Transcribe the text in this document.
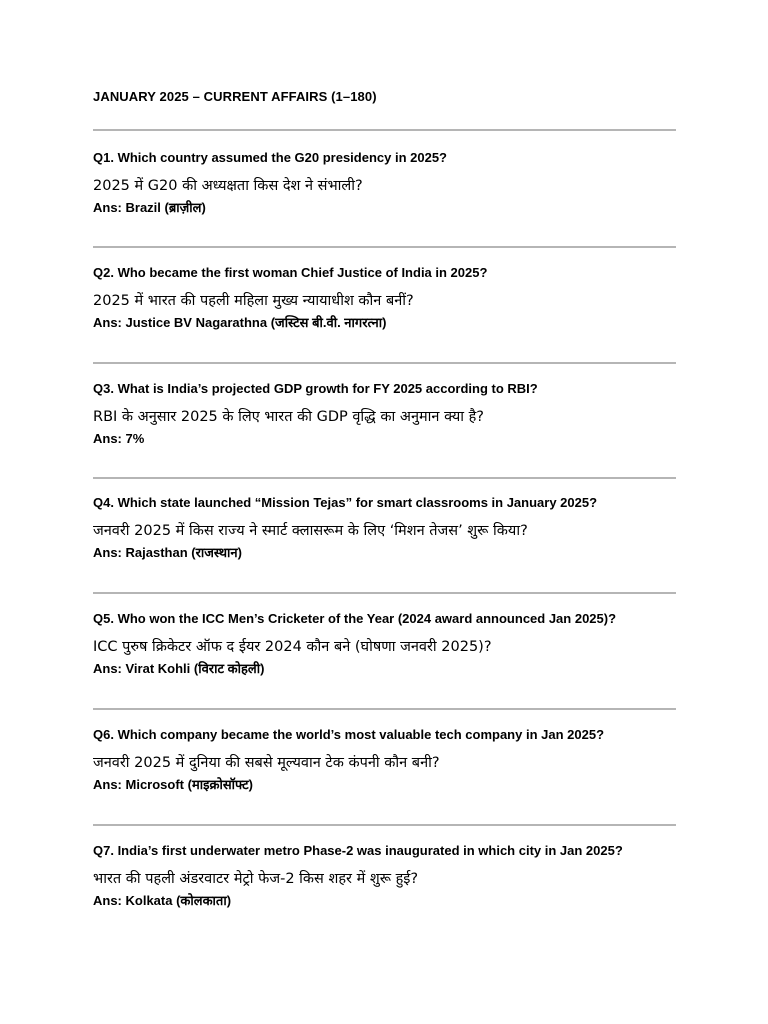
JANUARY 2025 – CURRENT AFFAIRS (1–180)
Q1. Which country assumed the G20 presidency in 2025?
2025 में G20 की अध्यक्षता किस देश ने संभाली?
Ans: Brazil (ब्राज़ील)
Q2. Who became the first woman Chief Justice of India in 2025?
2025 में भारत की पहली महिला मुख्य न्यायाधीश कौन बनीं?
Ans: Justice BV Nagarathna (जस्टिस बी.वी. नागरत्ना)
Q3. What is India’s projected GDP growth for FY 2025 according to RBI?
RBI के अनुसार 2025 के लिए भारत की GDP वृद्धि का अनुमान क्या है?
Ans: 7%
Q4. Which state launched “Mission Tejas” for smart classrooms in January 2025?
जनवरी 2025 में किस राज्य ने स्मार्ट क्लासरूम के लिए ‘मिशन तेजस’ शुरू किया?
Ans: Rajasthan (राजस्थान)
Q5. Who won the ICC Men’s Cricketer of the Year (2024 award announced Jan 2025)?
ICC पुरुष क्रिकेटर ऑफ द ईयर 2024 कौन बने (घोषणा जनवरी 2025)?
Ans: Virat Kohli (विराट कोहली)
Q6. Which company became the world’s most valuable tech company in Jan 2025?
जनवरी 2025 में दुनिया की सबसे मूल्यवान टेक कंपनी कौन बनी?
Ans: Microsoft (माइक्रोसॉफ्ट)
Q7. India’s first underwater metro Phase-2 was inaugurated in which city in Jan 2025?
भारत की पहली अंडरवाटर मेट्रो फेज-2 किस शहर में शुरू हुई?
Ans: Kolkata (कोलकाता)
